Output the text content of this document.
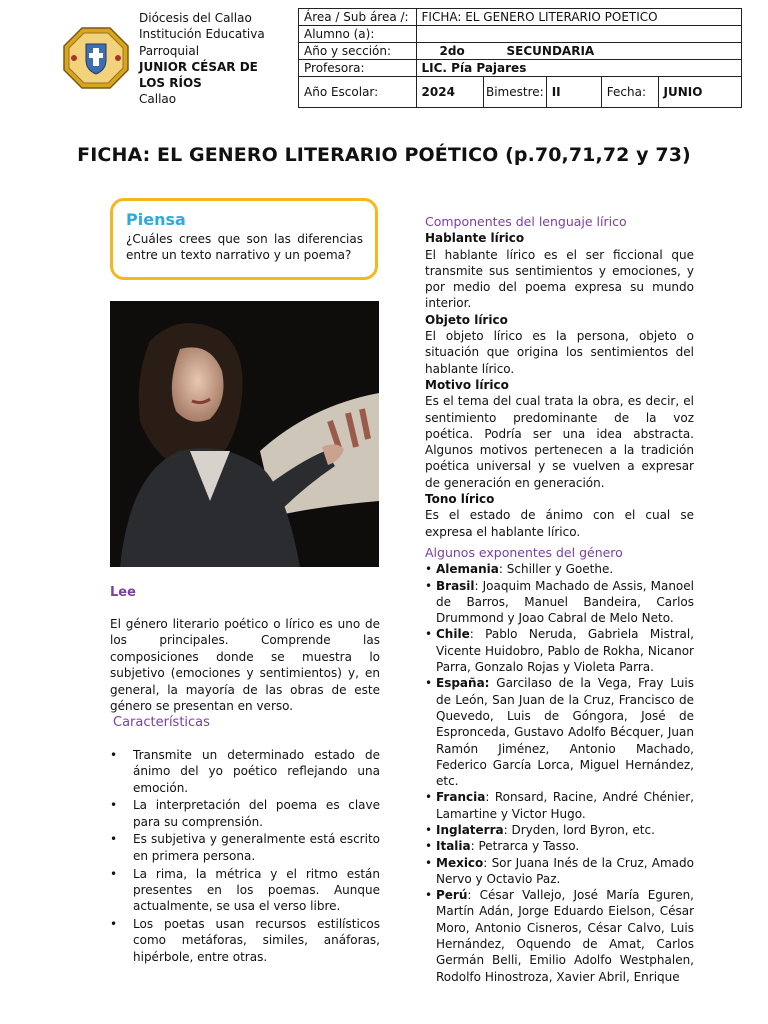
Diócesis del Callao
Institución Educativa
Parroquial
JUNIOR CÉSAR DE LOS RÍOS
Callao
Área / Sub área /:	FICHA: EL GENERO LITERARIO POETICO				
Alumno (a):					
Año y sección:	2do SECUNDARIA				
Profesora:	LIC. Pía Pajares				
Año Escolar:	2024	Bimestre:	II	Fecha:	JUNIO
FICHA: EL GENERO LITERARIO POÉTICO (p.70,71,72 y 73)
Piensa
¿Cuáles crees que son las diferencias entre un texto narrativo y un poema?
Lee
El género literario poético o lírico es uno de los principales. Comprende las composiciones donde se muestra lo subjetivo (emociones y sentimientos) y, en general, la mayoría de las obras de este género se presentan en verso.
Características
• Transmite un determinado estado de ánimo del yo poético reflejando una emoción.
• La interpretación del poema es clave para su comprensión.
• Es subjetiva y generalmente está escrito en primera persona.
• La rima, la métrica y el ritmo están presentes en los poemas. Aunque actualmente, se usa el verso libre.
• Los poetas usan recursos estilísticos como metáforas, similes, anáforas, hipérbole, entre otras.
Componentes del lenguaje lírico
Hablante lírico
El hablante lírico es el ser ficcional que transmite sus sentimientos y emociones, y por medio del poema expresa su mundo interior.
Objeto lírico
El objeto lírico es la persona, objeto o situación que origina los sentimientos del hablante lírico.
Motivo lírico
Es el tema del cual trata la obra, es decir, el sentimiento predominante de la voz poética. Podría ser una idea abstracta. Algunos motivos pertenecen a la tradición poética universal y se vuelven a expresar de generación en generación.
Tono lírico
Es el estado de ánimo con el cual se expresa el hablante lírico.
Algunos exponentes del género
• Alemania: Schiller y Goethe.
• Brasil: Joaquim Machado de Assis, Manoel de Barros, Manuel Bandeira, Carlos Drummond y Joao Cabral de Melo Neto.
• Chile: Pablo Neruda, Gabriela Mistral, Vicente Huidobro, Pablo de Rokha, Nicanor Parra, Gonzalo Rojas y Violeta Parra.
• España: Garcilaso de la Vega, Fray Luis de León, San Juan de la Cruz, Francisco de Quevedo, Luis de Góngora, José de Espronceda, Gustavo Adolfo Bécquer, Juan Ramón Jiménez, Antonio Machado, Federico García Lorca, Miguel Hernández, etc.
• Francia: Ronsard, Racine, André Chénier, Lamartine y Victor Hugo.
• Inglaterra: Dryden, lord Byron, etc.
• Italia: Petrarca y Tasso.
• Mexico: Sor Juana Inés de la Cruz, Amado Nervo y Octavio Paz.
• Perú: César Vallejo, José María Eguren, Martín Adán, Jorge Eduardo Eielson, César Moro, Antonio Cisneros, César Calvo, Luis Hernández, Oquendo de Amat, Carlos Germán Belli, Emilio Adolfo Westphalen, Rodolfo Hinostroza, Xavier Abril, Enrique
